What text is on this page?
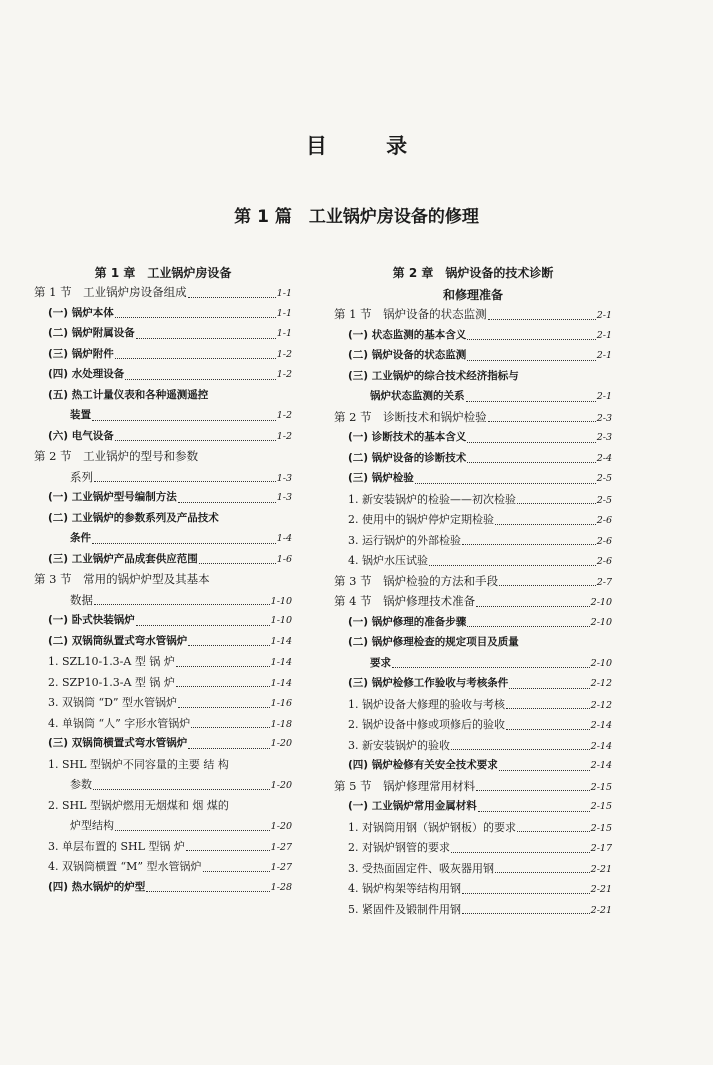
目 录
第 1 篇　工业锅炉房设备的修理
第 1 章　工业锅炉房设备
第 1 节　工业锅炉房设备组成	1-1
(一) 锅炉本体	1-1
(二) 锅炉附属设备	1-1
(三) 锅炉附件	1-2
(四) 水处理设备	1-2
(五) 热工计量仪表和各种遥测遥控
装置	1-2
(六) 电气设备	1-2
第 2 节　工业锅炉的型号和参数
系列	1-3
(一) 工业锅炉型号编制方法	1-3
(二) 工业锅炉的参数系列及产品技术
条件	1-4
(三) 工业锅炉产品成套供应范围	1-6
第 3 节　常用的锅炉炉型及其基本
数据	1-10
(一) 卧式快装锅炉	1-10
(二) 双锅筒纵置式弯水管锅炉	1-14
1. SZL10-1.3-A 型 锅 炉	1-14
2. SZP10-1.3-A 型 锅 炉	1-14
3. 双锅筒 “D” 型水管锅炉	1-16
4. 单锅筒 “人” 字形水管锅炉	1-18
(三) 双锅筒横置式弯水管锅炉	1-20
1. SHL 型锅炉不同容量的主要 结 构
参数	1-20
2. SHL 型锅炉燃用无烟煤和 烟 煤的
炉型结构	1-20
3. 单层布置的 SHL 型锅 炉	1-27
4. 双锅筒横置 “M” 型水管锅炉	1-27
(四) 热水锅炉的炉型	1-28
第 2 章　锅炉设备的技术诊断
和修理准备
第 1 节　锅炉设备的状态监测	2-1
(一) 状态监测的基本含义	2-1
(二) 锅炉设备的状态监测	2-1
(三) 工业锅炉的综合技术经济指标与
锅炉状态监测的关系	2-1
第 2 节　诊断技术和锅炉检验	2-3
(一) 诊断技术的基本含义	2-3
(二) 锅炉设备的诊断技术	2-4
(三) 锅炉检验	2-5
1. 新安装锅炉的检验——初次检验	2-5
2. 使用中的锅炉停炉定期检验	2-6
3. 运行锅炉的外部检验	2-6
4. 锅炉水压试验	2-6
第 3 节　锅炉检验的方法和手段	2-7
第 4 节　锅炉修理技术准备	2-10
(一) 锅炉修理的准备步骤	2-10
(二) 锅炉修理检查的规定项目及质量
要求	2-10
(三) 锅炉检修工作验收与考核条件	2-12
1. 锅炉设备大修理的验收与考核	2-12
2. 锅炉设备中修或项修后的验收	2-14
3. 新安装锅炉的验收	2-14
(四) 锅炉检修有关安全技术要求	2-14
第 5 节　锅炉修理常用材料	2-15
(一) 工业锅炉常用金属材料	2-15
1. 对锅筒用钢（锅炉钢板）的要求	2-15
2. 对锅炉钢管的要求	2-17
3. 受热面固定件、吸灰器用钢	2-21
4. 锅炉构架等结构用钢	2-21
5. 紧固件及锻制件用钢	2-21
